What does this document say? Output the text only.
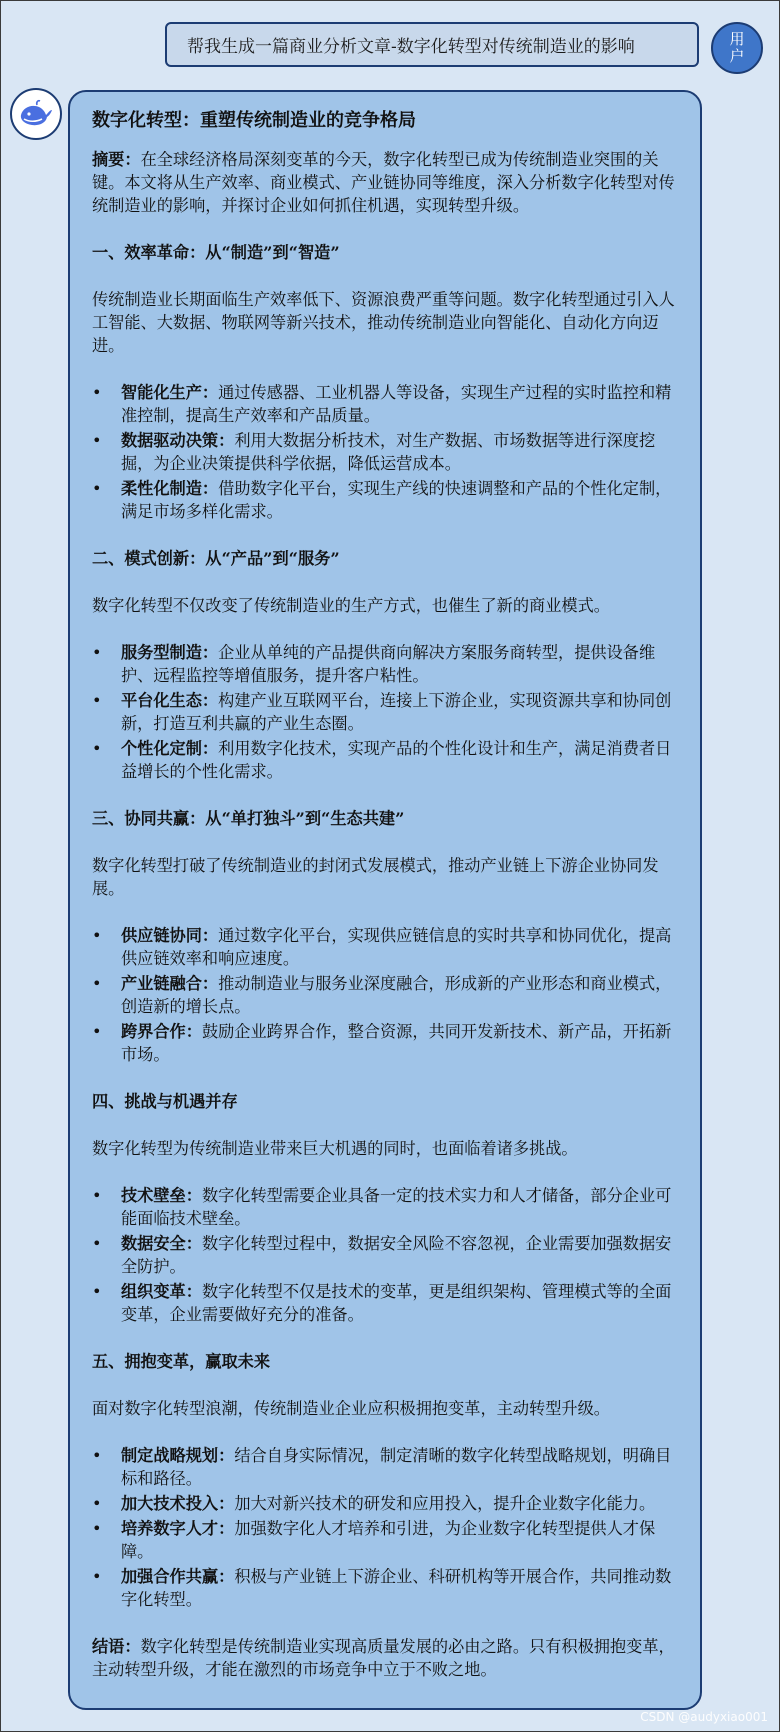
帮我生成一篇商业分析文章-数字化转型对传统制造业的影响	用户
数字化转型：重塑传统制造业的竞争格局
摘要：在全球经济格局深刻变革的今天，数字化转型已成为传统制造业突围的关键。本文将从生产效率、商业模式、产业链协同等维度，深入分析数字化转型对传统制造业的影响，并探讨企业如何抓住机遇，实现转型升级。
一、效率革命：从“制造”到“智造”
传统制造业长期面临生产效率低下、资源浪费严重等问题。数字化转型通过引入人工智能、大数据、物联网等新兴技术，推动传统制造业向智能化、自动化方向迈进。
• 智能化生产：通过传感器、工业机器人等设备，实现生产过程的实时监控和精准控制，提高生产效率和产品质量。
• 数据驱动决策：利用大数据分析技术，对生产数据、市场数据等进行深度挖掘，为企业决策提供科学依据，降低运营成本。
• 柔性化制造：借助数字化平台，实现生产线的快速调整和产品的个性化定制，满足市场多样化需求。
二、模式创新：从“产品”到“服务”
数字化转型不仅改变了传统制造业的生产方式，也催生了新的商业模式。
• 服务型制造：企业从单纯的产品提供商向解决方案服务商转型，提供设备维护、远程监控等增值服务，提升客户粘性。
• 平台化生态：构建产业互联网平台，连接上下游企业，实现资源共享和协同创新，打造互利共赢的产业生态圈。
• 个性化定制：利用数字化技术，实现产品的个性化设计和生产，满足消费者日益增长的个性化需求。
三、协同共赢：从“单打独斗”到“生态共建”
数字化转型打破了传统制造业的封闭式发展模式，推动产业链上下游企业协同发展。
• 供应链协同：通过数字化平台，实现供应链信息的实时共享和协同优化，提高供应链效率和响应速度。
• 产业链融合：推动制造业与服务业深度融合，形成新的产业形态和商业模式，创造新的增长点。
• 跨界合作：鼓励企业跨界合作，整合资源，共同开发新技术、新产品，开拓新市场。
四、挑战与机遇并存
数字化转型为传统制造业带来巨大机遇的同时，也面临着诸多挑战。
• 技术壁垒：数字化转型需要企业具备一定的技术实力和人才储备，部分企业可能面临技术壁垒。
• 数据安全：数字化转型过程中，数据安全风险不容忽视，企业需要加强数据安全防护。
• 组织变革：数字化转型不仅是技术的变革，更是组织架构、管理模式等的全面变革，企业需要做好充分的准备。
五、拥抱变革，赢取未来
面对数字化转型浪潮，传统制造业企业应积极拥抱变革，主动转型升级。
• 制定战略规划：结合自身实际情况，制定清晰的数字化转型战略规划，明确目标和路径。
• 加大技术投入：加大对新兴技术的研发和应用投入，提升企业数字化能力。
• 培养数字人才：加强数字化人才培养和引进，为企业数字化转型提供人才保障。
• 加强合作共赢：积极与产业链上下游企业、科研机构等开展合作，共同推动数字化转型。
结语：数字化转型是传统制造业实现高质量发展的必由之路。只有积极拥抱变革，主动转型升级，才能在激烈的市场竞争中立于不败之地。
CSDN @audyxiao001
